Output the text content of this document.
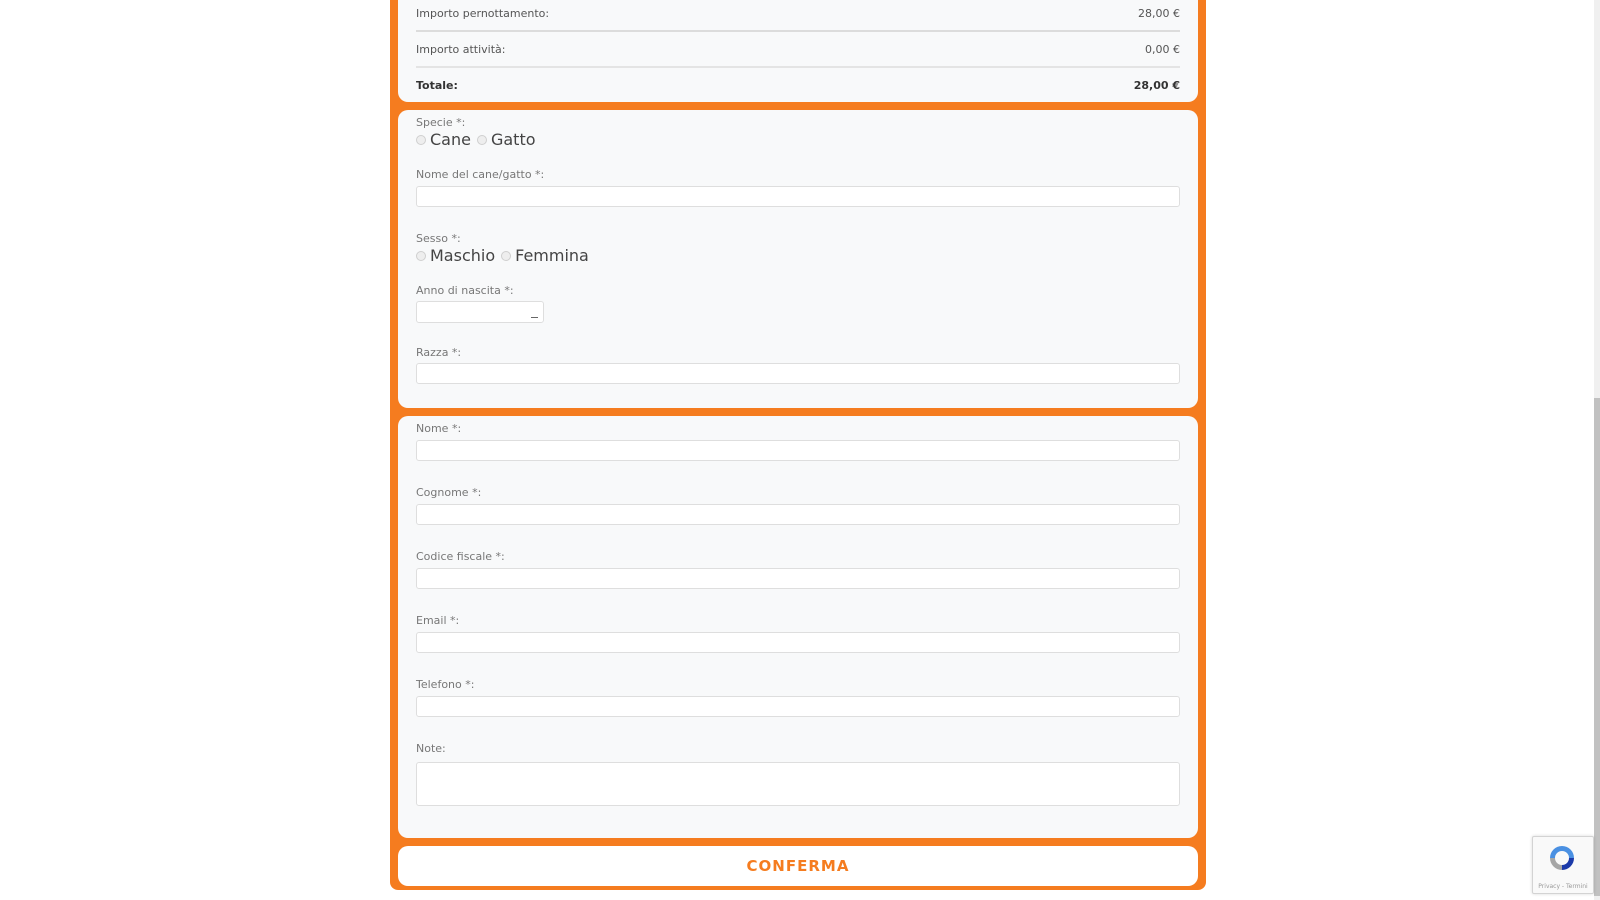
Importo pernottamento:	28,00 €
Importo attività:	0,00 €
Totale:	28,00 €
Specie *:
Cane Gatto
Nome del cane/gatto *:
Sesso *:
Maschio Femmina
Anno di nascita *:
Razza *:
Nome *:
Cognome *:
Codice fiscale *:
Email *:
Telefono *:
Note:
CONFERMA
Privacy - Termini
